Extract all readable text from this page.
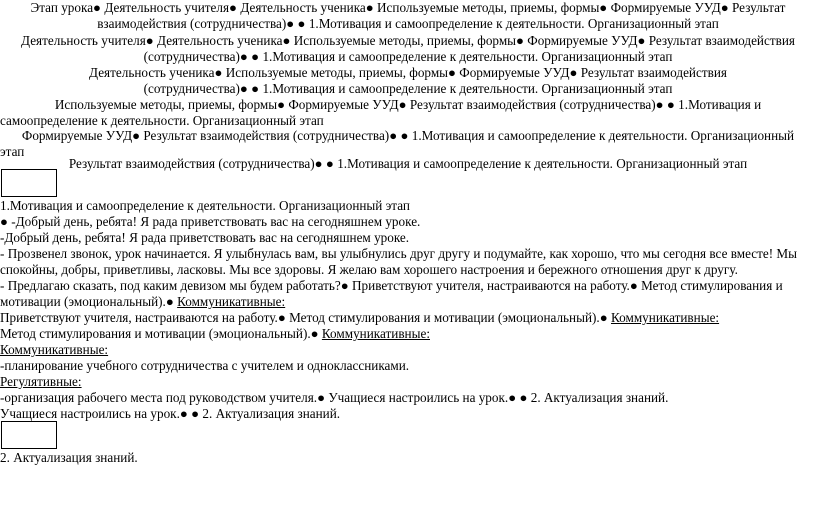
Этап урока● Деятельность учителя● Деятельность ученика● Используемые методы, приемы, формы● Формируемые УУД● Результат
взаимодействия (сотрудничества)● ● 1.Мотивация и самоопределение к деятельности. Организационный этап
Деятельность учителя● Деятельность ученика● Используемые методы, приемы, формы● Формируемые УУД● Результат взаимодействия
(сотрудничества)● ● 1.Мотивация и самоопределение к деятельности. Организационный этап
Деятельность ученика● Используемые методы, приемы, формы● Формируемые УУД● Результат взаимодействия
(сотрудничества)● ● 1.Мотивация и самоопределение к деятельности. Организационный этап
Используемые методы, приемы, формы● Формируемые УУД● Результат взаимодействия (сотрудничества)● ● 1.Мотивация и
самоопределение к деятельности. Организационный этап
Формируемые УУД● Результат взаимодействия (сотрудничества)● ● 1.Мотивация и самоопределение к деятельности. Организационный
этап
Результат взаимодействия (сотрудничества)● ● 1.Мотивация и самоопределение к деятельности. Организационный этап
1.Мотивация и самоопределение к деятельности. Организационный этап
● -Добрый день, ребята! Я рада приветствовать вас на сегодняшнем уроке.
-Добрый день, ребята! Я рада приветствовать вас на сегодняшнем уроке.
- Прозвенел звонок, урок начинается. Я улыбнулась вам, вы улыбнулись друг другу и подумайте, как хорошо, что мы сегодня все вместе! Мы
спокойны, добры, приветливы, ласковы. Мы все здоровы. Я желаю вам хорошего настроения и бережного отношения друг к другу.
- Предлагаю сказать, под каким девизом мы будем работать?● Приветствуют учителя, настраиваются на работу.● Метод стимулирования и
мотивации (эмоциональный).● Коммуникативные:
Приветствуют учителя, настраиваются на работу.● Метод стимулирования и мотивации (эмоциональный).● Коммуникативные:
Метод стимулирования и мотивации (эмоциональный).● Коммуникативные:
Коммуникативные:
-планирование учебного сотрудничества с учителем и одноклассниками.
Регулятивные:
-организация рабочего места под руководством учителя.● Учащиеся настроились на урок.● ● 2. Актуализация знаний.
Учащиеся настроились на урок.● ● 2. Актуализация знаний.
2. Актуализация знаний.
